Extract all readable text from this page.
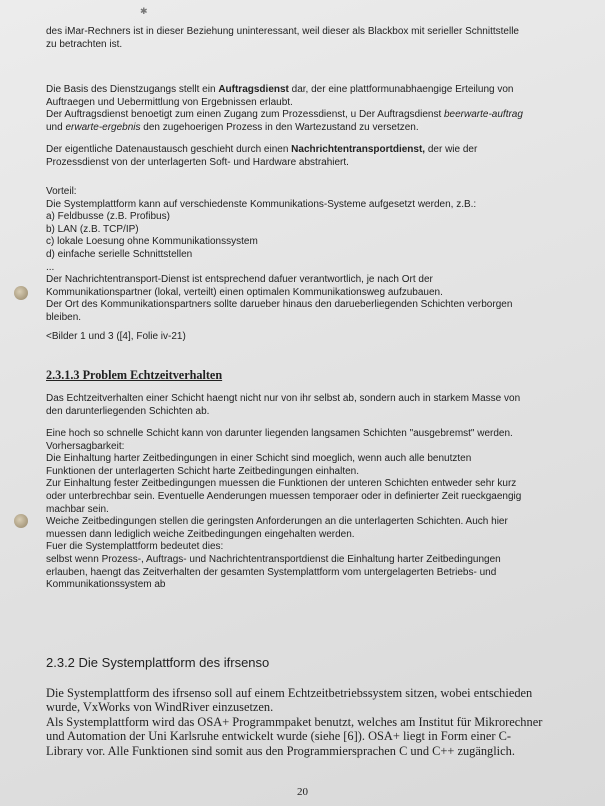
✱
des iMar-Rechners ist in dieser Beziehung uninteressant, weil dieser als Blackbox mit serieller Schnittstelle
zu betrachten ist.
Die Basis des Dienstzugangs stellt ein Auftragsdienst dar, der eine plattformunabhaengige Erteilung von
Auftraegen und Uebermittlung von Ergebnissen erlaubt.
Der Auftragsdienst benoetigt zum einen Zugang zum Prozessdienst, u Der Auftragsdienst beerwarte-auftrag
und erwarte-ergebnis den zugehoerigen Prozess in den Wartezustand zu versetzen.
Der eigentliche Datenaustausch geschieht durch einen Nachrichtentransportdienst, der wie der
Prozessdienst von der unterlagerten Soft- und Hardware abstrahiert.
Vorteil:
Die Systemplattform kann auf verschiedenste Kommunikations-Systeme aufgesetzt werden, z.B.:
a) Feldbusse (z.B. Profibus)
b) LAN (z.B. TCP/IP)
c) lokale Loesung ohne Kommunikationssystem
d) einfache serielle Schnittstellen
...
Der Nachrichtentransport-Dienst ist entsprechend dafuer verantwortlich, je nach Ort der
Kommunikationspartner (lokal, verteilt) einen optimalen Kommunikationsweg aufzubauen.
Der Ort des Kommunikationspartners sollte darueber hinaus den darueberliegenden Schichten verborgen
bleiben.
<Bilder 1 und 3 ([4], Folie iv-21)
2.3.1.3 Problem Echtzeitverhalten
Das Echtzeitverhalten einer Schicht haengt nicht nur von ihr selbst ab, sondern auch in starkem Masse von
den darunterliegenden Schichten ab.
Eine hoch so schnelle Schicht kann von darunter liegenden langsamen Schichten "ausgebremst" werden.
Vorhersagbarkeit:
Die Einhaltung harter Zeitbedingungen in einer Schicht sind moeglich, wenn auch alle benutzten
Funktionen der unterlagerten Schicht harte Zeitbedingungen einhalten.
Zur Einhaltung fester Zeitbedingungen muessen die Funktionen der unteren Schichten entweder sehr kurz
oder unterbrechbar sein. Eventuelle Aenderungen muessen temporaer oder in definierter Zeit rueckgaengig
machbar sein.
Weiche Zeitbedingungen stellen die geringsten Anforderungen an die unterlagerten Schichten. Auch hier
muessen dann lediglich weiche Zeitbedingungen eingehalten werden.
Fuer die Systemplattform bedeutet dies:
selbst wenn Prozess-, Auftrags- und Nachrichtentransportdienst die Einhaltung harter Zeitbedingungen
erlauben, haengt das Zeitverhalten der gesamten Systemplattform vom untergelagerten Betriebs- und
Kommunikationssystem ab
2.3.2 Die Systemplattform des ifrsenso
Die Systemplattform des ifrsenso soll auf einem Echtzeitbetriebssystem sitzen, wobei entschieden
wurde, VxWorks von WindRiver einzusetzen.
Als Systemplattform wird das OSA+ Programmpaket benutzt, welches am Institut für Mikrorechner
und Automation der Uni Karlsruhe entwickelt wurde (siehe [6]). OSA+ liegt in Form einer C-
Library vor. Alle Funktionen sind somit aus den Programmiersprachen C und C++ zugänglich.
20
